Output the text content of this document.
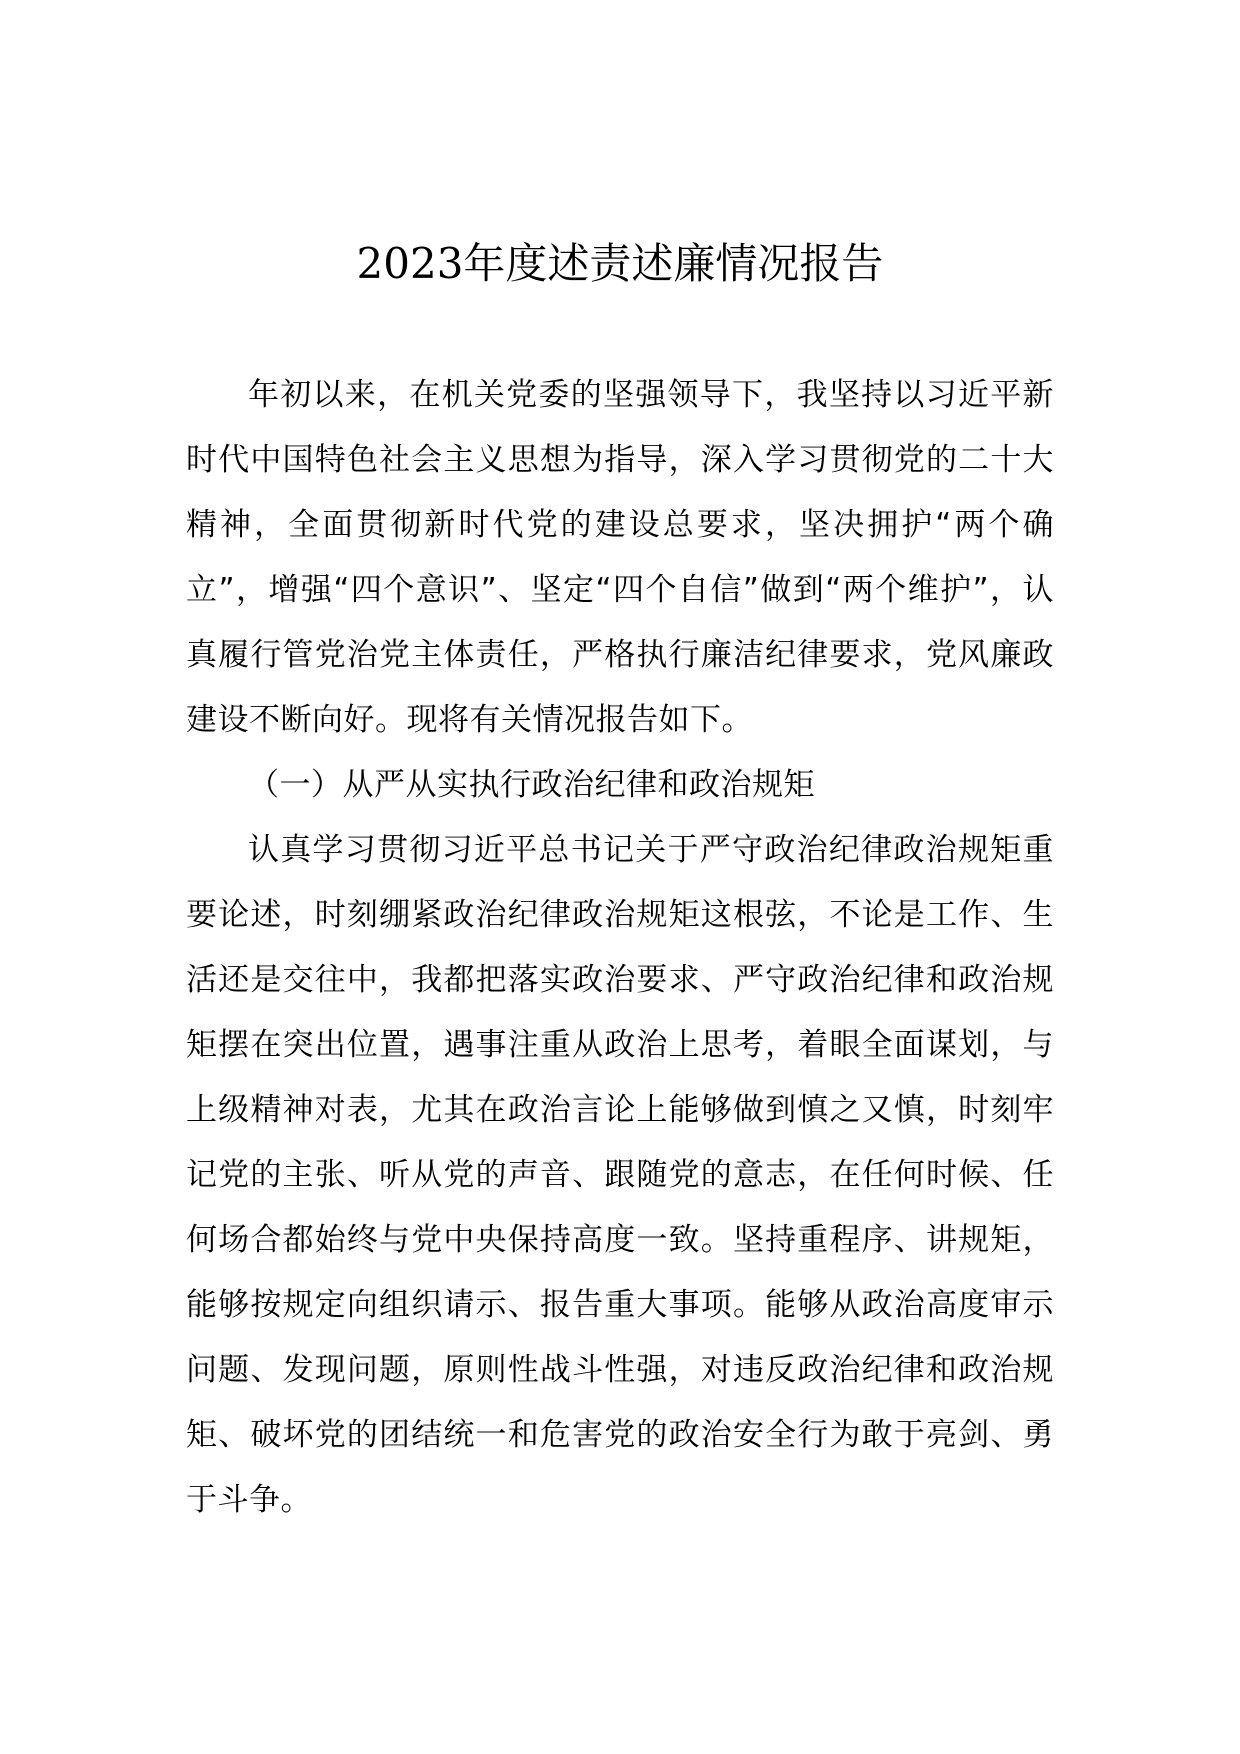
2023年度述责述廉情况报告

年初以来，在机关党委的坚强领导下，我坚持以习近平新时代中国特色社会主义思想为指导，深入学习贯彻党的二十大精神，全面贯彻新时代党的建设总要求，坚决拥护“两个确立”，增强“四个意识”、坚定“四个自信”做到“两个维护”，认真履行管党治党主体责任，严格执行廉洁纪律要求，党风廉政建设不断向好。现将有关情况报告如下。

（一）从严从实执行政治纪律和政治规矩

认真学习贯彻习近平总书记关于严守政治纪律政治规矩重要论述，时刻绷紧政治纪律政治规矩这根弦，不论是工作、生活还是交往中，我都把落实政治要求、严守政治纪律和政治规矩摆在突出位置，遇事注重从政治上思考，着眼全面谋划，与上级精神对表，尤其在政治言论上能够做到慎之又慎，时刻牢记党的主张、听从党的声音、跟随党的意志，在任何时候、任何场合都始终与党中央保持高度一致。坚持重程序、讲规矩，能够按规定向组织请示、报告重大事项。能够从政治高度审示问题、发现问题，原则性战斗性强，对违反政治纪律和政治规矩、破坏党的团结统一和危害党的政治安全行为敢于亮剑、勇于斗争。
